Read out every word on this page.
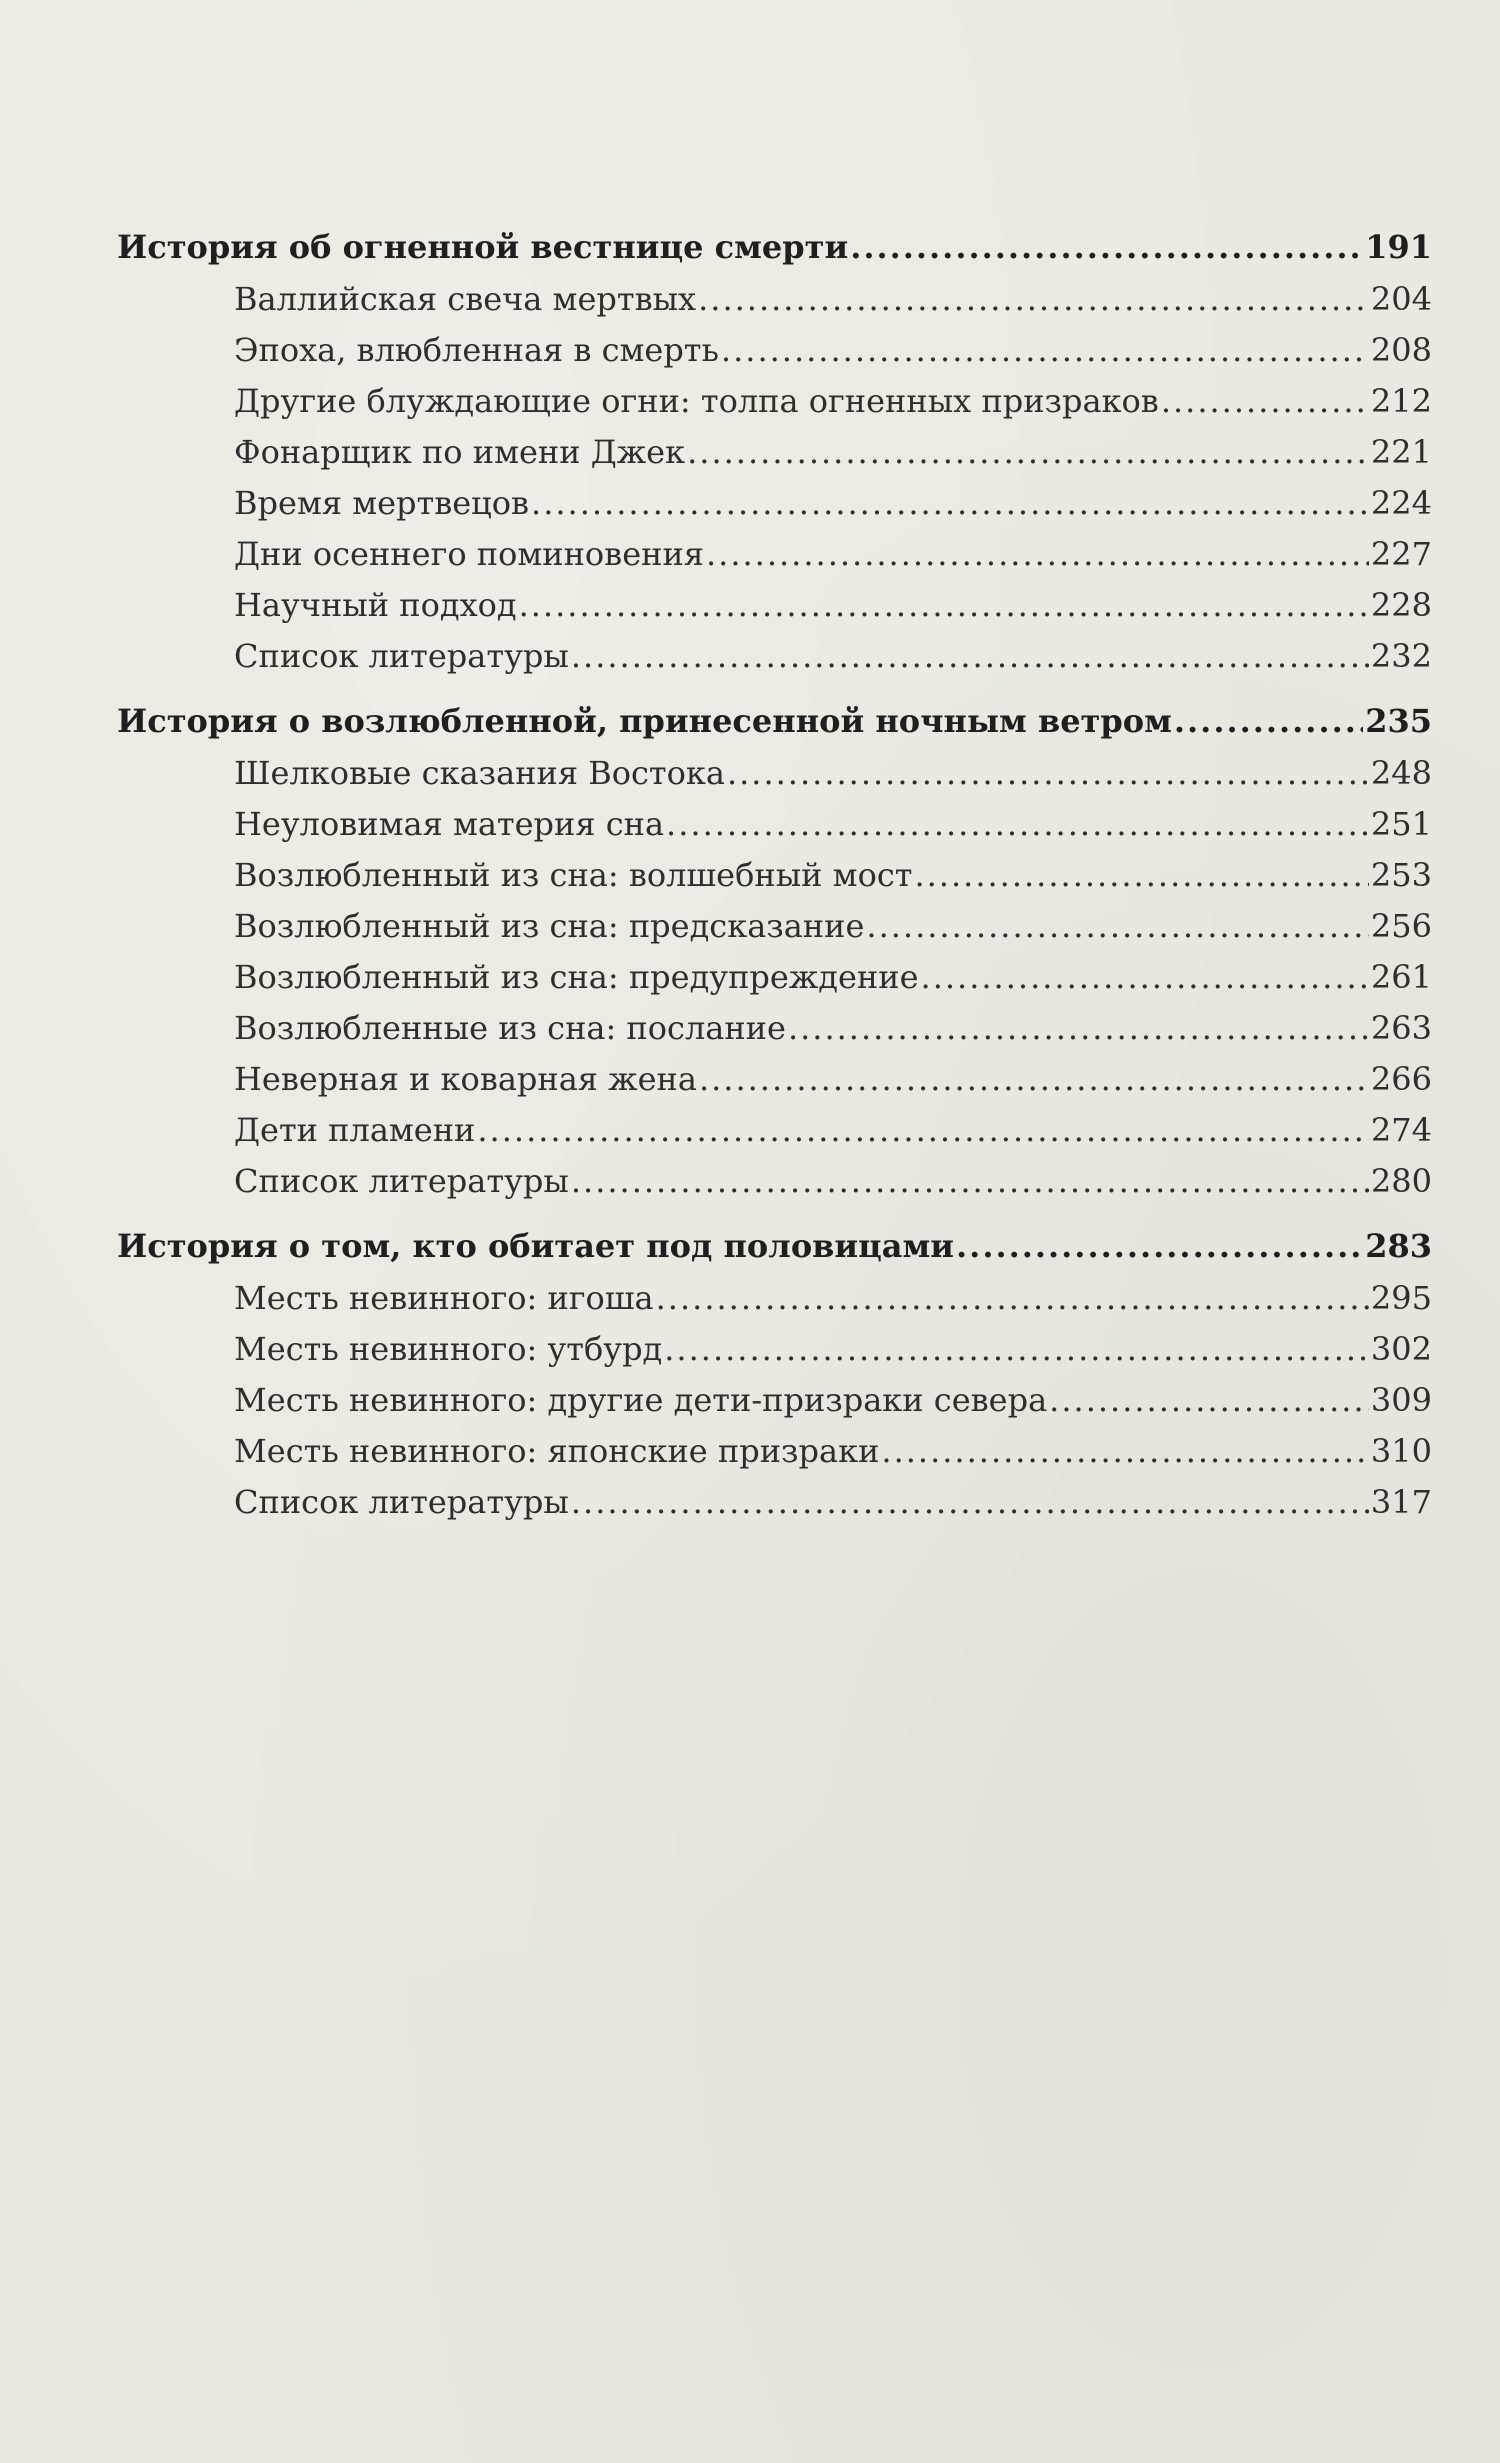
История об огненной вестнице смерти .....	191
Валлийская свеча мертвых .....	204
Эпоха, влюбленная в смерть .....	208
Другие блуждающие огни: толпа огненных призраков .....	212
Фонарщик по имени Джек .....	221
Время мертвецов .....	224
Дни осеннего поминовения .....	227
Научный подход .....	228
Список литературы .....	232
История о возлюбленной, принесенной ночным ветром .....	235
Шелковые сказания Востока .....	248
Неуловимая материя сна .....	251
Возлюбленный из сна: волшебный мост .....	253
Возлюбленный из сна: предсказание .....	256
Возлюбленный из сна: предупреждение .....	261
Возлюбленные из сна: послание .....	263
Неверная и коварная жена .....	266
Дети пламени .....	274
Список литературы .....	280
История о том, кто обитает под половицами .....	283
Месть невинного: игоша .....	295
Месть невинного: утбурд .....	302
Месть невинного: другие дети-призраки севера .....	309
Месть невинного: японские призраки .....	310
Список литературы .....	317
